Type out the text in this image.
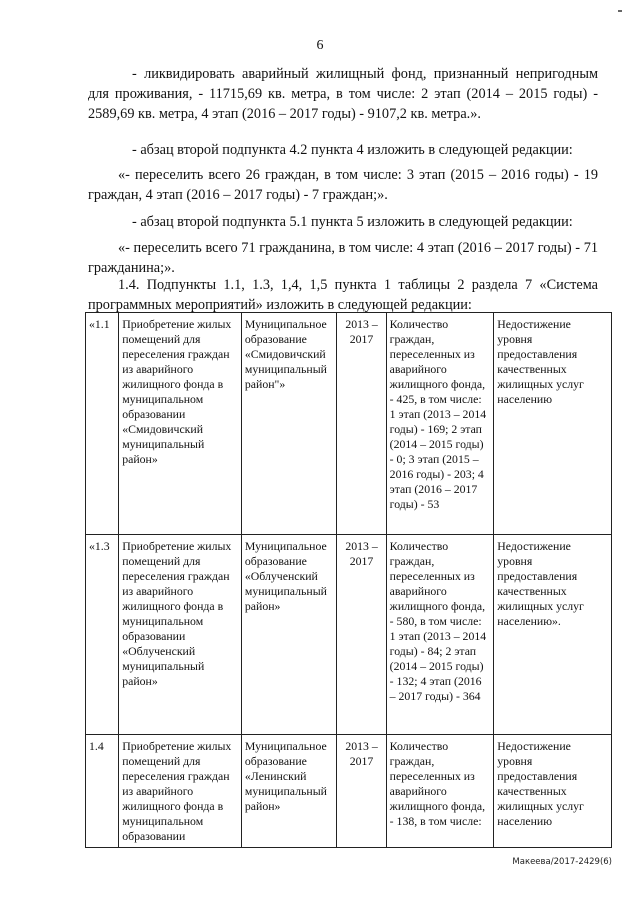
6
- ликвидировать аварийный жилищный фонд, признанный непригодным для проживания, - 11715,69 кв. метра, в том числе: 2 этап (2014 – 2015 годы) - 2589,69 кв. метра, 4 этап (2016 – 2017 годы) - 9107,2 кв. метра.».
- абзац второй подпункта 4.2 пункта 4 изложить в следующей редакции:
«- переселить всего 26 граждан, в том числе: 3 этап (2015 – 2016 годы) - 19 граждан, 4 этап (2016 – 2017 годы) - 7 граждан;».
- абзац второй подпункта 5.1 пункта 5 изложить в следующей редакции:
«- переселить всего 71 гражданина, в том числе: 4 этап (2016 – 2017 годы) - 71 гражданина;».
1.4. Подпункты 1.1, 1.3, 1,4, 1,5 пункта 1 таблицы 2 раздела 7 «Система программных мероприятий» изложить в следующей редакции:
«1.1	Приобретение жилых помещений для переселения граждан из аварийного жилищного фонда в муниципальном образовании «Смидовичский муниципальный район»	Муниципальное образование «Смидовичский муниципальный район"»	2013 – 2017	Количество граждан, переселенных из аварийного жилищного фонда, - 425, в том числе: 1 этап (2013 – 2014 годы) - 169; 2 этап (2014 – 2015 годы) - 0; 3 этап (2015 – 2016 годы) - 203; 4 этап (2016 – 2017 годы) - 53	Недостижение уровня предоставления качественных жилищных услуг населению
«1.3	Приобретение жилых помещений для переселения граждан из аварийного жилищного фонда в муниципальном образовании «Облученский муниципальный район»	Муниципальное образование «Облученский муниципальный район»	2013 – 2017	Количество граждан, переселенных из аварийного жилищного фонда, - 580, в том числе: 1 этап (2013 – 2014 годы) - 84; 2 этап (2014 – 2015 годы) - 132; 4 этап (2016 – 2017 годы) - 364	Недостижение уровня предоставления качественных жилищных услуг населению».
1.4	Приобретение жилых помещений для переселения граждан из аварийного жилищного фонда в муниципальном образовании	Муниципальное образование «Ленинский муниципальный район»	2013 – 2017	Количество граждан, переселенных из аварийного жилищного фонда, - 138, в том числе:	Недостижение уровня предоставления качественных жилищных услуг населению
Макеева/2017-2429(6)
